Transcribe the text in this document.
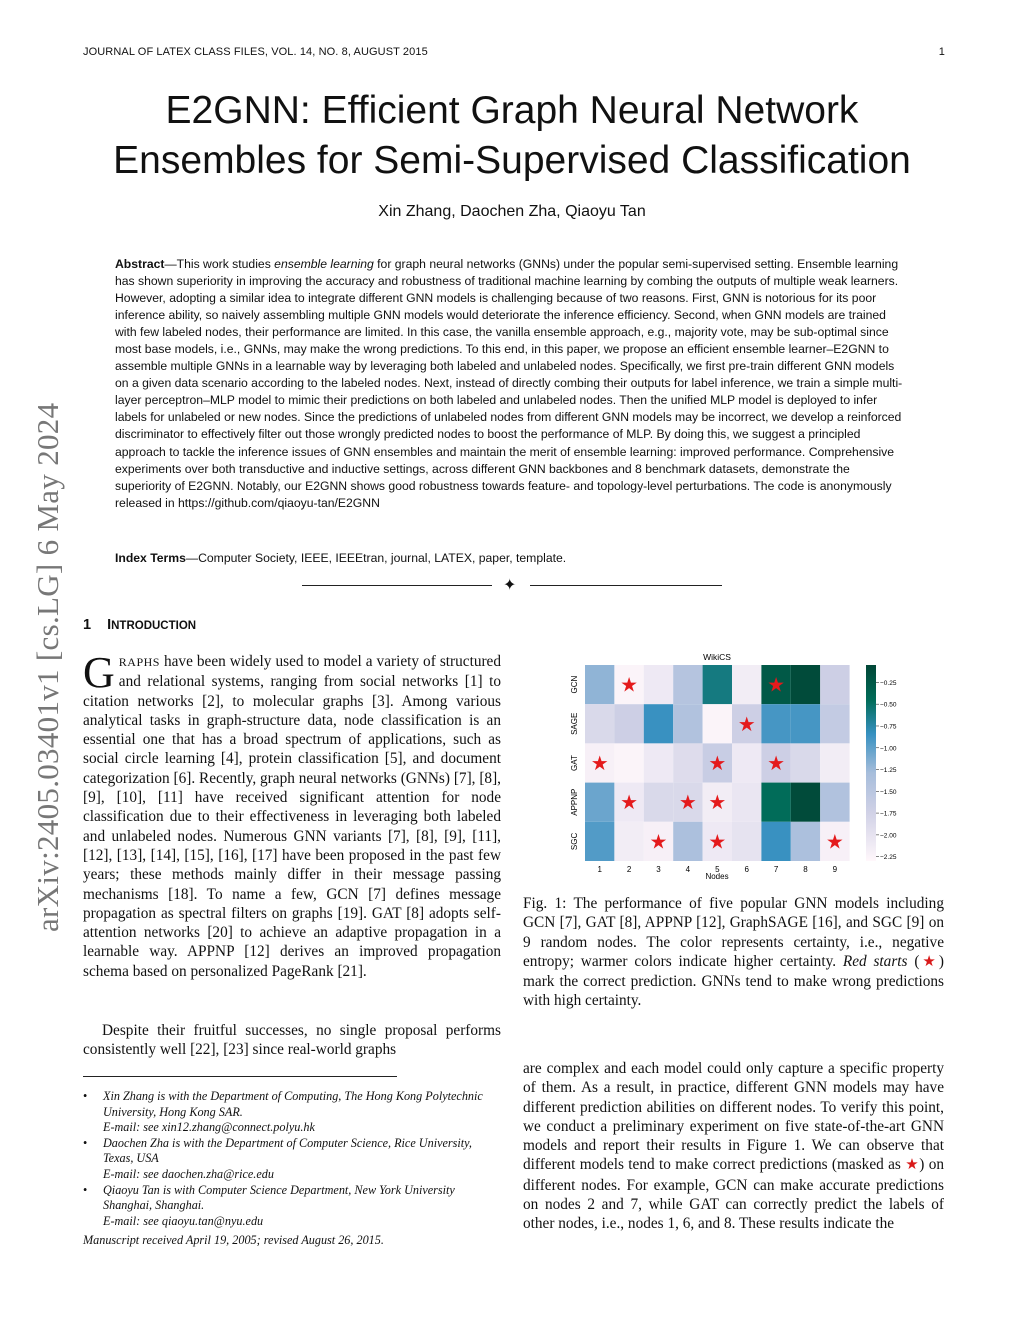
JOURNAL OF LATEX CLASS FILES, VOL. 14, NO. 8, AUGUST 2015	1
E2GNN: Efficient Graph Neural Network
Ensembles for Semi-Supervised Classification
Xin Zhang, Daochen Zha, Qiaoyu Tan
Abstract—This work studies ensemble learning for graph neural networks (GNNs) under the popular semi-supervised setting. Ensemble learning has shown superiority in improving the accuracy and robustness of traditional machine learning by combing the outputs of multiple weak learners. However, adopting a similar idea to integrate different GNN models is challenging because of two reasons. First, GNN is notorious for its poor inference ability, so naively assembling multiple GNN models would deteriorate the inference efficiency. Second, when GNN models are trained with few labeled nodes, their performance are limited. In this case, the vanilla ensemble approach, e.g., majority vote, may be sub-optimal since most base models, i.e., GNNs, may make the wrong predictions. To this end, in this paper, we propose an efficient ensemble learner–E2GNN to assemble multiple GNNs in a learnable way by leveraging both labeled and unlabeled nodes. Specifically, we first pre-train different GNN models on a given data scenario according to the labeled nodes. Next, instead of directly combing their outputs for label inference, we train a simple multi-layer perceptron–MLP model to mimic their predictions on both labeled and unlabeled nodes. Then the unified MLP model is deployed to infer labels for unlabeled or new nodes. Since the predictions of unlabeled nodes from different GNN models may be incorrect, we develop a reinforced discriminator to effectively filter out those wrongly predicted nodes to boost the performance of MLP. By doing this, we suggest a principled approach to tackle the inference issues of GNN ensembles and maintain the merit of ensemble learning: improved performance. Comprehensive experiments over both transductive and inductive settings, across different GNN backbones and 8 benchmark datasets, demonstrate the superiority of E2GNN. Notably, our E2GNN shows good robustness towards feature- and topology-level perturbations. The code is anonymously released in https://github.com/qiaoyu-tan/E2GNN
Index Terms—Computer Society, IEEE, IEEEtran, journal, LATEX, paper, template.
✦
arXiv:2405.03401v1 [cs.LG] 6 May 2024 1 INTRODUCTION
GRAPHS have been widely used to model a variety of structured and relational systems, ranging from social networks [1] to citation networks [2], to molecular graphs [3]. Among various analytical tasks in graph-structure data, node classification is an essential one that has a broad spectrum of applications, such as social circle learning [4], protein classification [5], and document categorization [6]. Recently, graph neural networks (GNNs) [7], [8], [9], [10], [11] have received significant attention for node classification due to their effectiveness in leveraging both labeled and unlabeled nodes. Numerous GNN variants [7], [8], [9], [11], [12], [13], [14], [15], [16], [17] have been proposed in the past few years; these methods mainly differ in their message passing mechanisms [18]. To name a few, GCN [7] defines message propagation as spectral filters on graphs [19]. GAT [8] adopts self-attention networks [20] to achieve an adaptive propagation in a learnable way. APPNP [12] derives an improved propagation schema based on personalized PageRank [21].
Despite their fruitful successes, no single proposal performs consistently well [22], [23] since real-world graphs
• Xin Zhang is with the Department of Computing, The Hong Kong Polytechnic University, Hong Kong SAR.

E-mail: see xin12.zhang@connect.polyu.hk

• Daochen Zha is with the Department of Computer Science, Rice University, Texas, USA

E-mail: see daochen.zha@rice.edu

• Qiaoyu Tan is with Computer Science Department, New York University Shanghai, Shanghai.

E-mail: see qiaoyu.tan@nyu.edu

Manuscript received April 19, 2005; revised August 26, 2015.
WikiCS
★	★
★
★	★ ★
★ ★ ★
★ ★	★
GCN
SAGE
GAT
APPNP
SGC
1	2	3	4	5	6	7	8	9
Nodes
−0.25
−0.50
−0.75
−1.00
−1.25
−1.50
−1.75
−2.00
−2.25
Fig. 1: The performance of five popular GNN models including GCN [7], GAT [8], APPNP [12], GraphSAGE [16], and SGC [9] on 9 random nodes. The color represents certainty, i.e., negative entropy; warmer colors indicate higher certainty. Red starts (★) mark the correct prediction. GNNs tend to make wrong predictions with high certainty.
are complex and each model could only capture a specific property of them. As a result, in practice, different GNN models may have different prediction abilities on different nodes. To verify this point, we conduct a preliminary experiment on five state-of-the-art GNN models and report their results in Figure 1. We can observe that different models tend to make correct predictions (masked as ★) on different nodes. For example, GCN can make accurate predictions on nodes 2 and 7, while GAT can correctly predict the labels of other nodes, i.e., nodes 1, 6, and 8. These results indicate the
